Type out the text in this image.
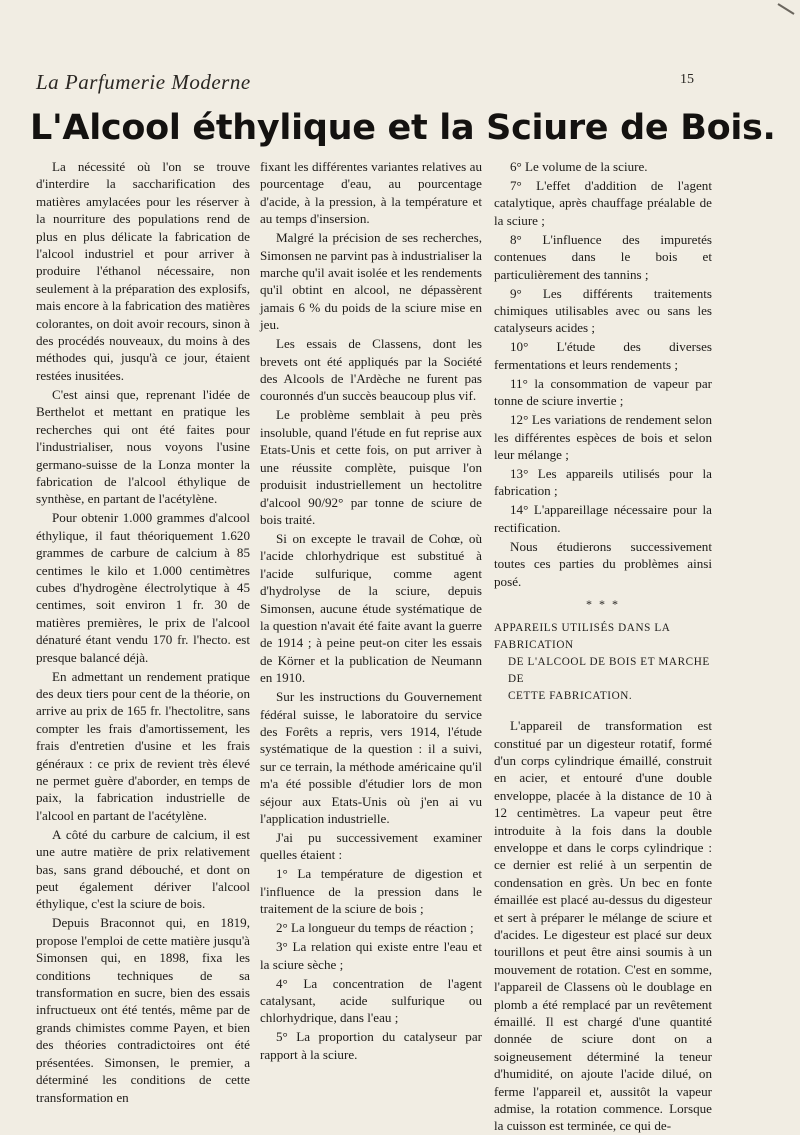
La Parfumerie Moderne	15
L'Alcool éthylique et la Sciure de Bois.

La nécessité où l'on se trouve d'interdire la saccharification des matières amylacées pour les réserver à la nourriture des populations rend de plus en plus délicate la fabrication de l'alcool industriel et pour arriver à produire l'éthanol nécessaire, non seulement à la préparation des explosifs, mais encore à la fabrication des matières colorantes, on doit avoir recours, sinon à des procédés nouveaux, du moins à des méthodes qui, jusqu'à ce jour, étaient restées inusitées.

C'est ainsi que, reprenant l'idée de Berthelot et mettant en pratique les recherches qui ont été faites pour l'industrialiser, nous voyons l'usine germano-suisse de la Lonza monter la fabrication de l'alcool éthylique de synthèse, en partant de l'acétylène.

Pour obtenir 1.000 grammes d'alcool éthylique, il faut théoriquement 1.620 grammes de carbure de calcium à 85 centimes le kilo et 1.000 centimètres cubes d'hydrogène électrolytique à 45 centimes, soit environ 1 fr. 30 de matières premières, le prix de l'alcool dénaturé étant vendu 170 fr. l'hecto. est presque balancé déjà.

En admettant un rendement pratique des deux tiers pour cent de la théorie, on arrive au prix de 165 fr. l'hectolitre, sans compter les frais d'amortissement, les frais d'entretien d'usine et les frais généraux : ce prix de revient très élevé ne permet guère d'aborder, en temps de paix, la fabrication industrielle de l'alcool en partant de l'acétylène.

A côté du carbure de calcium, il est une autre matière de prix relativement bas, sans grand débouché, et dont on peut également dériver l'alcool éthylique, c'est la sciure de bois.

Depuis Braconnot qui, en 1819, propose l'emploi de cette matière jusqu'à Simonsen qui, en 1898, fixa les conditions techniques de sa transformation en sucre, bien des essais infructueux ont été tentés, même par de grands chimistes comme Payen, et bien des théories contradictoires ont été présentées. Simonsen, le premier, a déterminé les conditions de cette transformation en

fixant les différentes variantes relatives au pourcentage d'eau, au pourcentage d'acide, à la pression, à la température et au temps d'insersion.

Malgré la précision de ses recherches, Simonsen ne parvint pas à industrialiser la marche qu'il avait isolée et les rendements qu'il obtint en alcool, ne dépassèrent jamais 6 % du poids de la sciure mise en jeu.

Les essais de Classens, dont les brevets ont été appliqués par la Société des Alcools de l'Ardèche ne furent pas couronnés d'un succès beaucoup plus vif.

Le problème semblait à peu près insoluble, quand l'étude en fut reprise aux Etats-Unis et cette fois, on put arriver à une réussite complète, puisque l'on produisit industriellement un hectolitre d'alcool 90/92° par tonne de sciure de bois traité.

Si on excepte le travail de Cohœ, où l'acide chlorhydrique est substitué à l'acide sulfurique, comme agent d'hydrolyse de la sciure, depuis Simonsen, aucune étude systématique de la question n'avait été faite avant la guerre de 1914 ; à peine peut-on citer les essais de Körner et la publication de Neumann en 1910.

Sur les instructions du Gouvernement fédéral suisse, le laboratoire du service des Forêts a repris, vers 1914, l'étude systématique de la question : il a suivi, sur ce terrain, la méthode américaine qu'il m'a été possible d'étudier lors de mon séjour aux Etats-Unis où j'en ai vu l'application industrielle.

J'ai pu successivement examiner quelles étaient :

1° La température de digestion et l'influence de la pression dans le traitement de la sciure de bois ;

2° La longueur du temps de réaction ;

3° La relation qui existe entre l'eau et la sciure sèche ;

4° La concentration de l'agent catalysant, acide sulfurique ou chlorhydrique, dans l'eau ;

5° La proportion du catalyseur par rapport à la sciure.

6° Le volume de la sciure.

7° L'effet d'addition de l'agent catalytique, après chauffage préalable de la sciure ;

8° L'influence des impuretés contenues dans le bois et particulièrement des tannins ;

9° Les différents traitements chimiques utilisables avec ou sans les catalyseurs acides ;

10° L'étude des diverses fermentations et leurs rendements ;

11° la consommation de vapeur par tonne de sciure invertie ;

12° Les variations de rendement selon les différentes espèces de bois et selon leur mélange ;

13° Les appareils utilisés pour la fabrication ;

14° L'appareillage nécessaire pour la rectification.

Nous étudierons successivement toutes ces parties du problèmes ainsi posé.

* * *

APPAREILS UTILISÉS DANS LA FABRICATION
DE L'ALCOOL DE BOIS ET MARCHE DE
CETTE FABRICATION.

L'appareil de transformation est constitué par un digesteur rotatif, formé d'un corps cylindrique émaillé, construit en acier, et entouré d'une double enveloppe, placée à la distance de 10 à 12 centimètres. La vapeur peut être introduite à la fois dans la double enveloppe et dans le corps cylindrique : ce dernier est relié à un serpentin de condensation en grès. Un bec en fonte émaillée est placé au-dessus du digesteur et sert à préparer le mélange de sciure et d'acides. Le digesteur est placé sur deux tourillons et peut être ainsi soumis à un mouvement de rotation. C'est en somme, l'appareil de Classens où le doublage en plomb a été remplacé par un revêtement émaillé. Il est chargé d'une quantité donnée de sciure dont on a soigneusement déterminé la teneur d'humidité, on ajoute l'acide dilué, on ferme l'appareil et, aussitôt la vapeur admise, la rotation commence. Lorsque la cuisson est terminée, ce qui de-
